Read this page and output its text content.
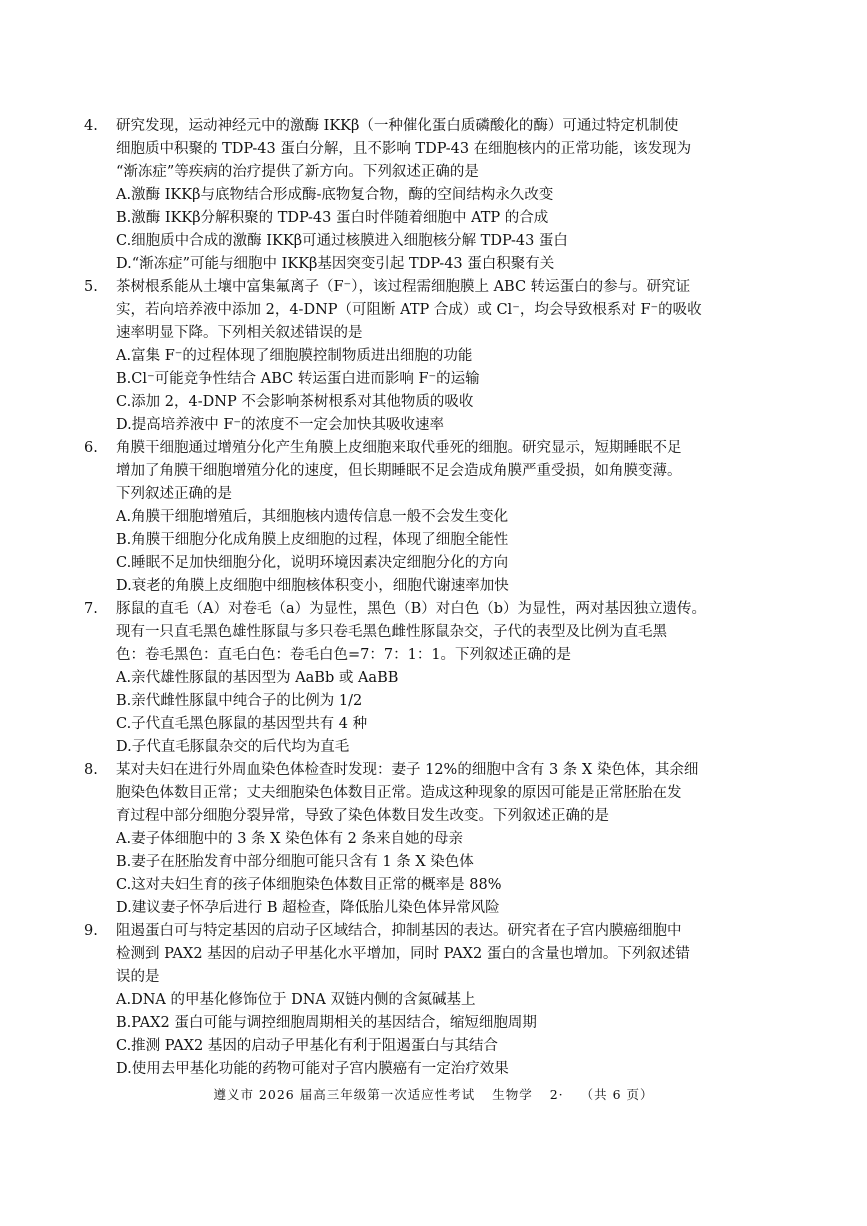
4. 研究发现，运动神经元中的激酶 IKKβ（一种催化蛋白质磷酸化的酶）可通过特定机制使
细胞质中积聚的 TDP-43 蛋白分解，且不影响 TDP-43 在细胞核内的正常功能，该发现为
“渐冻症”等疾病的治疗提供了新方向。下列叙述正确的是
A.激酶 IKKβ与底物结合形成酶-底物复合物，酶的空间结构永久改变
B.激酶 IKKβ分解积聚的 TDP-43 蛋白时伴随着细胞中 ATP 的合成
C.细胞质中合成的激酶 IKKβ可通过核膜进入细胞核分解 TDP-43 蛋白
D.“渐冻症”可能与细胞中 IKKβ基因突变引起 TDP-43 蛋白积聚有关
5. 茶树根系能从土壤中富集氟离子（F⁻），该过程需细胞膜上 ABC 转运蛋白的参与。研究证
实，若向培养液中添加 2，4-DNP（可阻断 ATP 合成）或 Cl⁻，均会导致根系对 F⁻的吸收
速率明显下降。下列相关叙述错误的是
A.富集 F⁻的过程体现了细胞膜控制物质进出细胞的功能
B.Cl⁻可能竞争性结合 ABC 转运蛋白进而影响 F⁻的运输
C.添加 2，4-DNP 不会影响茶树根系对其他物质的吸收
D.提高培养液中 F⁻的浓度不一定会加快其吸收速率
6. 角膜干细胞通过增殖分化产生角膜上皮细胞来取代垂死的细胞。研究显示，短期睡眠不足
增加了角膜干细胞增殖分化的速度，但长期睡眠不足会造成角膜严重受损，如角膜变薄。
下列叙述正确的是
A.角膜干细胞增殖后，其细胞核内遗传信息一般不会发生变化
B.角膜干细胞分化成角膜上皮细胞的过程，体现了细胞全能性
C.睡眠不足加快细胞分化，说明环境因素决定细胞分化的方向
D.衰老的角膜上皮细胞中细胞核体积变小，细胞代谢速率加快
7. 豚鼠的直毛（A）对卷毛（a）为显性，黑色（B）对白色（b）为显性，两对基因独立遗传。
现有一只直毛黑色雄性豚鼠与多只卷毛黑色雌性豚鼠杂交，子代的表型及比例为直毛黑
色：卷毛黑色：直毛白色：卷毛白色=7：7：1：1。下列叙述正确的是
A.亲代雄性豚鼠的基因型为 AaBb 或 AaBB
B.亲代雌性豚鼠中纯合子的比例为 1/2
C.子代直毛黑色豚鼠的基因型共有 4 种
D.子代直毛豚鼠杂交的后代均为直毛
8. 某对夫妇在进行外周血染色体检查时发现：妻子 12%的细胞中含有 3 条 X 染色体，其余细
胞染色体数目正常；丈夫细胞染色体数目正常。造成这种现象的原因可能是正常胚胎在发
育过程中部分细胞分裂异常，导致了染色体数目发生改变。下列叙述正确的是
A.妻子体细胞中的 3 条 X 染色体有 2 条来自她的母亲
B.妻子在胚胎发育中部分细胞可能只含有 1 条 X 染色体
C.这对夫妇生育的孩子体细胞染色体数目正常的概率是 88%
D.建议妻子怀孕后进行 B 超检查，降低胎儿染色体异常风险
9. 阻遏蛋白可与特定基因的启动子区域结合，抑制基因的表达。研究者在子宫内膜癌细胞中
检测到 PAX2 基因的启动子甲基化水平增加，同时 PAX2 蛋白的含量也增加。下列叙述错
误的是
A.DNA 的甲基化修饰位于 DNA 双链内侧的含氮碱基上
B.PAX2 蛋白可能与调控细胞周期相关的基因结合，缩短细胞周期
C.推测 PAX2 基因的启动子甲基化有利于阻遏蛋白与其结合
D.使用去甲基化功能的药物可能对子宫内膜癌有一定治疗效果
遵义市 2026 届高三年级第一次适应性考试 生物学 2· （共 6 页）
